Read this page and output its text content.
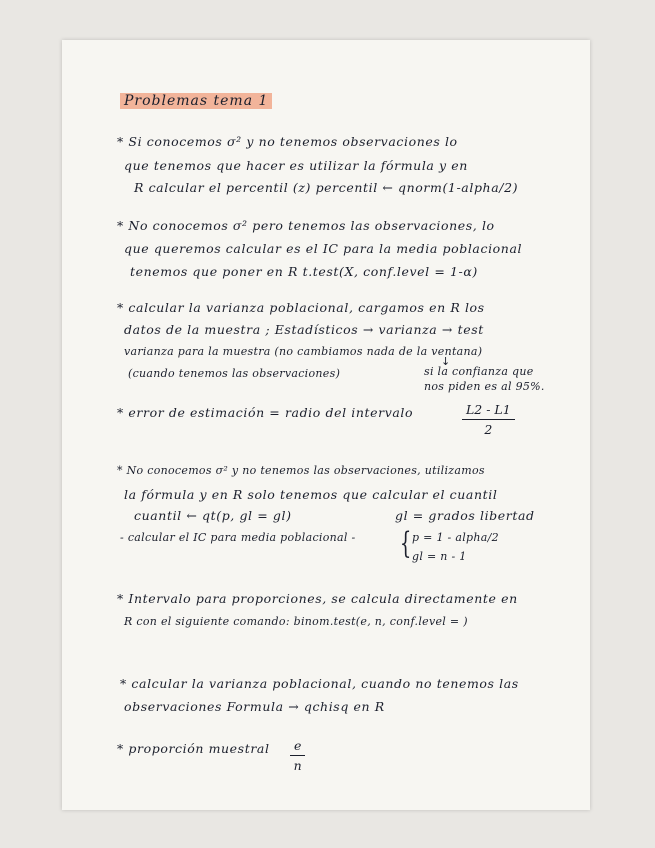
Problemas tema 1
* Si conocemos σ² y no tenemos observaciones lo
que tenemos que hacer es utilizar la fórmula y en
R calcular el percentil (z) percentil ← qnorm(1-alpha/2)
* No conocemos σ² pero tenemos las observaciones, lo
que queremos calcular es el IC para la media poblacional
tenemos que poner en R t.test(X, conf.level = 1-α)
* calcular la varianza poblacional, cargamos en R los
datos de la muestra ; Estadísticos → varianza → test
varianza para la muestra (no cambiamos nada de la ventana)
(cuando tenemos las observaciones)
↓
si la confianza que
nos piden es al 95%.
* error de estimación = radio del intervalo	$\frac{L2 - L1}{2}$
* No conocemos σ² y no tenemos las observaciones, utilizamos
la fórmula y en R solo tenemos que calcular el cuantil
cuantil ← qt(p, gl = gl)	gl = grados libertad
- calcular el IC para media poblacional - { p = 1 - alpha/2
gl = n - 1
* Intervalo para proporciones, se calcula directamente en
R con el siguiente comando: binom.test(e, n, conf.level = )
* calcular la varianza poblacional, cuando no tenemos las
observaciones Formula → qchisq en R
* proporción muestral $\frac{e}{n}$
